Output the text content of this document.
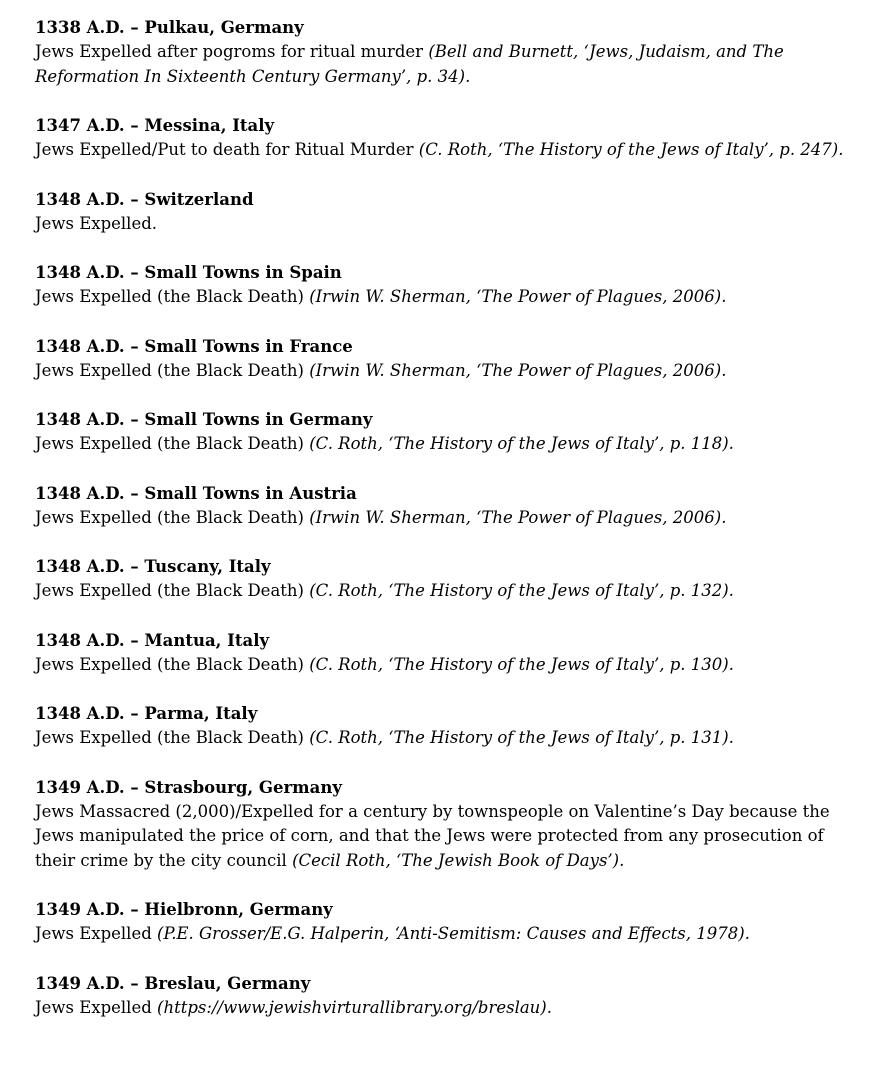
1338 A.D. – Pulkau, Germany
Jews Expelled after pogroms for ritual murder (Bell and Burnett, ‘Jews, Judaism, and The Reformation In Sixteenth Century Germany’, p. 34).
1347 A.D. – Messina, Italy
Jews Expelled/Put to death for Ritual Murder (C. Roth, ‘The History of the Jews of Italy’, p. 247).
1348 A.D. – Switzerland
Jews Expelled.
1348 A.D. – Small Towns in Spain
Jews Expelled (the Black Death) (Irwin W. Sherman, ‘The Power of Plagues, 2006).
1348 A.D. – Small Towns in France
Jews Expelled (the Black Death) (Irwin W. Sherman, ‘The Power of Plagues, 2006).
1348 A.D. – Small Towns in Germany
Jews Expelled (the Black Death) (C. Roth, ‘The History of the Jews of Italy’, p. 118).
1348 A.D. – Small Towns in Austria
Jews Expelled (the Black Death) (Irwin W. Sherman, ‘The Power of Plagues, 2006).
1348 A.D. – Tuscany, Italy
Jews Expelled (the Black Death) (C. Roth, ‘The History of the Jews of Italy’, p. 132).
1348 A.D. – Mantua, Italy
Jews Expelled (the Black Death) (C. Roth, ‘The History of the Jews of Italy’, p. 130).
1348 A.D. – Parma, Italy
Jews Expelled (the Black Death) (C. Roth, ‘The History of the Jews of Italy’, p. 131).
1349 A.D. – Strasbourg, Germany
Jews Massacred (2,000)/Expelled for a century by townspeople on Valentine’s Day because the Jews manipulated the price of corn, and that the Jews were protected from any prosecution of their crime by the city council (Cecil Roth, ‘The Jewish Book of Days’).
1349 A.D. – Hielbronn, Germany
Jews Expelled (P.E. Grosser/E.G. Halperin, ‘Anti-Semitism: Causes and Effects, 1978).
1349 A.D. – Breslau, Germany
Jews Expelled (https://www.jewishvirturallibrary.org/breslau).
